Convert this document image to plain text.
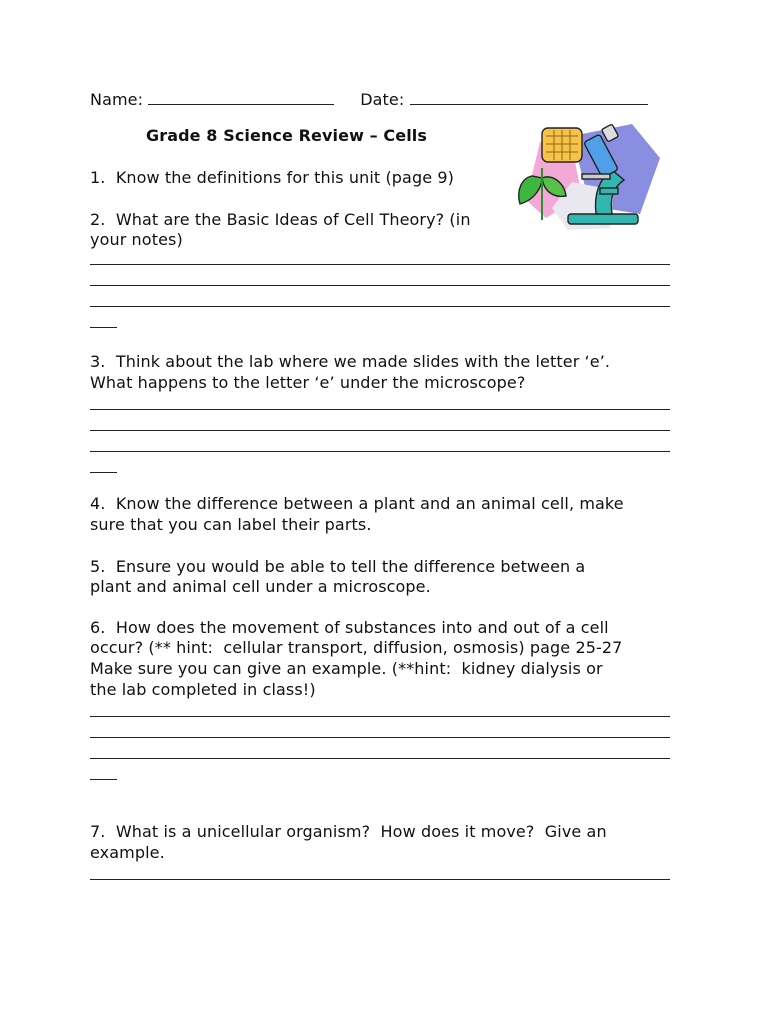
Name:	Date:
Grade 8 Science Review – Cells
1.  Know the definitions for this unit (page 9)
2.  What are the Basic Ideas of Cell Theory? (in
your notes)
3.  Think about the lab where we made slides with the letter ‘e’.
What happens to the letter ‘e’ under the microscope?
4.  Know the difference between a plant and an animal cell, make
sure that you can label their parts.
5.  Ensure you would be able to tell the difference between a
plant and animal cell under a microscope.
6.  How does the movement of substances into and out of a cell
occur? (** hint:  cellular transport, diffusion, osmosis) page 25-27
Make sure you can give an example. (**hint:  kidney dialysis or
the lab completed in class!)
7.  What is a unicellular organism?  How does it move?  Give an
example.
